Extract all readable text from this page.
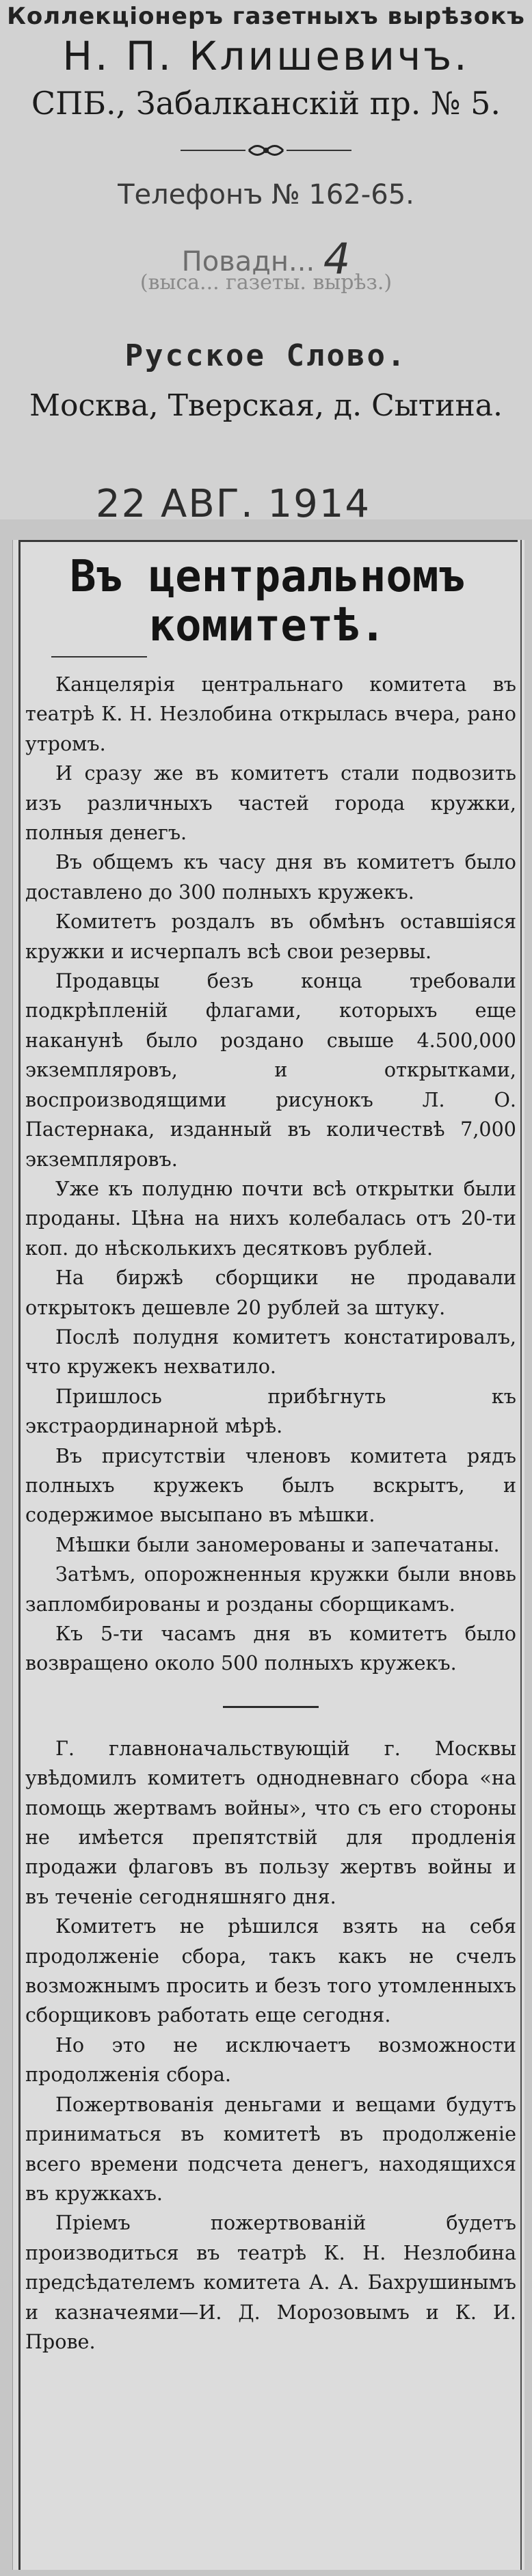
Коллекціонеръ газетныхъ вырѣзокъ
Н. П. Клишевичъ.
СПБ., Забалканскій пр. № 5.
Телефонъ № 162-65.
Повадн... 4
(выса... газеты. вырѣз.)
Русское Слово.
Москва, Тверская, д. Сытина.
22 АВГ. 1914
Въ центральномъ
комитетѣ.

Канцелярія центральнаго комитета въ театрѣ К. Н. Незлобина открылась вчера, рано утромъ.

И сразу же въ комитетъ стали подвозить изъ различныхъ частей города кружки, полныя денегъ.

Въ общемъ къ часу дня въ комитетъ было доставлено до 300 полныхъ кружекъ.

Комитетъ роздалъ въ обмѣнъ оставшіяся кружки и исчерпалъ всѣ свои резервы.

Продавцы безъ конца требовали подкрѣпленій флагами, которыхъ еще наканунѣ было роздано свыше 4.500,000 экземпляровъ, и открытками, воспроизводящими рисунокъ Л. О. Пастернака, изданный въ количествѣ 7,000 экземпляровъ.

Уже къ полудню почти всѣ открытки были проданы. Цѣна на нихъ колебалась отъ 20-ти коп. до нѣсколькихъ десятковъ рублей.

На биржѣ сборщики не продавали открытокъ дешевле 20 рублей за штуку.

Послѣ полудня комитетъ констатировалъ, что кружекъ нехватило.

Пришлось прибѣгнуть къ экстраординарной мѣрѣ.

Въ присутствіи членовъ комитета рядъ полныхъ кружекъ былъ вскрытъ, и содержимое высыпано въ мѣшки.

Мѣшки были заномерованы и запечатаны.

Затѣмъ, опорожненныя кружки были вновь запломбированы и розданы сборщикамъ.

Къ 5-ти часамъ дня въ комитетъ было возвращено около 500 полныхъ кружекъ.

Г. главноначальствующій г. Москвы увѣдомилъ комитетъ однодневнаго сбора «на помощь жертвамъ войны», что съ его стороны не имѣется препятствій для продленія продажи флаговъ въ пользу жертвъ войны и въ теченіе сегодняшняго дня.

Комитетъ не рѣшился взять на себя продолженіе сбора, такъ какъ не счелъ возможнымъ просить и безъ того утомленныхъ сборщиковъ работать еще сегодня.

Но это не исключаетъ возможности продолженія сбора.

Пожертвованія деньгами и вещами будутъ приниматься въ комитетѣ въ продолженіе всего времени подсчета денегъ, находящихся въ кружкахъ.

Пріемъ пожертвованій будетъ производиться въ театрѣ К. Н. Незлобина предсѣдателемъ комитета А. А. Бахрушинымъ и казначеями—И. Д. Морозовымъ и К. И. Прове.
